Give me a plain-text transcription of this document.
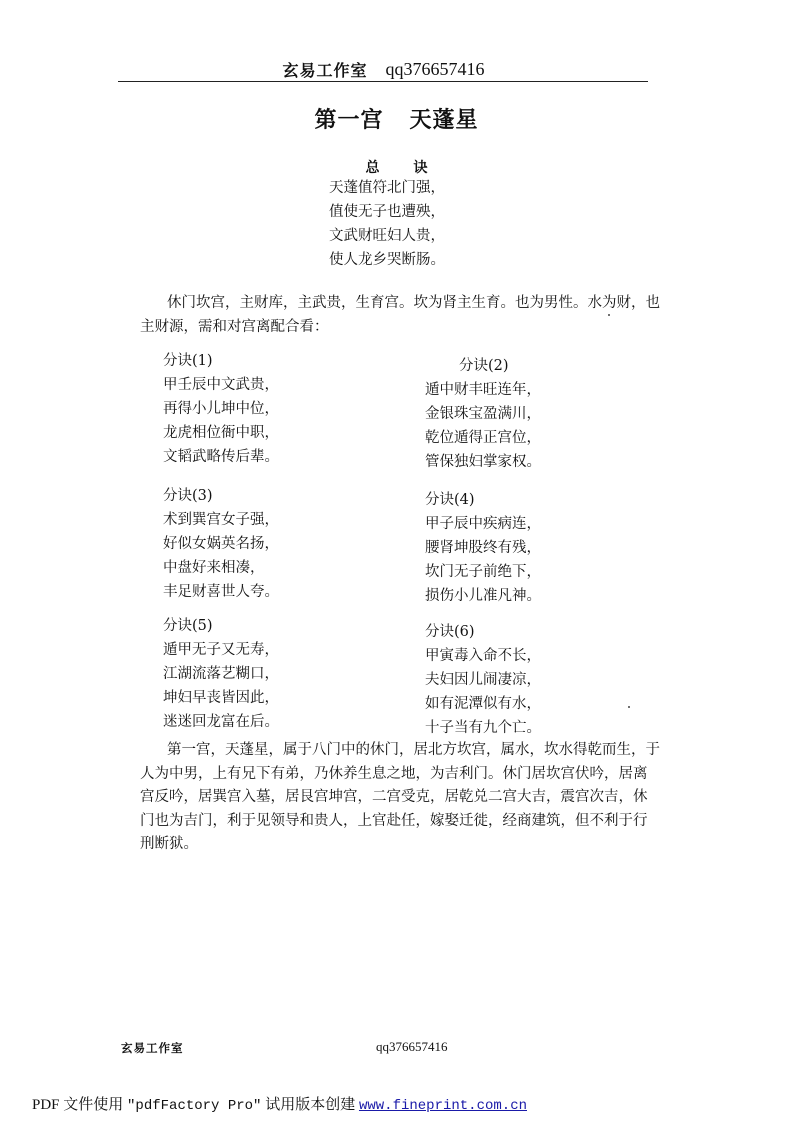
玄易工作室 qq376657416
第一宫 天蓬星
总 诀
天蓬值符北门强，
值使无子也遭殃，
文武财旺妇人贵，
使人龙乡哭断肠。
休门坎宫，主财库，主武贵，生育宫。坎为肾主生育。也为男性。水为财，也主财源，需和对宫离配合看：
分诀(1)
甲壬辰中文武贵，
再得小儿坤中位，
龙虎相位衙中职，
文韬武略传后辈。
分诀(2)
遁中财丰旺连年，
金银珠宝盈满川，
乾位遁得正宫位，
管保独妇掌家权。
分诀(3)
术到巽宫女子强，
好似女娲英名扬，
中盘好来相凑，
丰足财喜世人夸。
分诀(4)
甲子辰中疾病连，
腰肾坤股终有残，
坎门无子前绝下，
损伤小儿准凡神。
分诀(5)
遁甲无子又无寿，
江湖流落艺糊口，
坤妇早丧皆因此，
迷迷回龙富在后。
分诀(6)
甲寅毒入命不长，
夫妇因儿闹凄凉，
如有泥潭似有水，
十子当有九个亡。
第一宫，天蓬星，属于八门中的休门，居北方坎宫，属水，坎水得乾而生，于人为中男，上有兄下有弟，乃休养生息之地，为吉利门。休门居坎宫伏吟，居离宫反吟，居巽宫入墓，居艮宫坤宫，二宫受克，居乾兑二宫大吉，震宫次吉，休门也为吉门，利于见领导和贵人，上官赴任，嫁娶迁徙，经商建筑，但不利于行刑断狱。
玄易工作室	qq376657416
PDF 文件使用 "pdfFactory Pro" 试用版本创建 www.fineprint.com.cn
